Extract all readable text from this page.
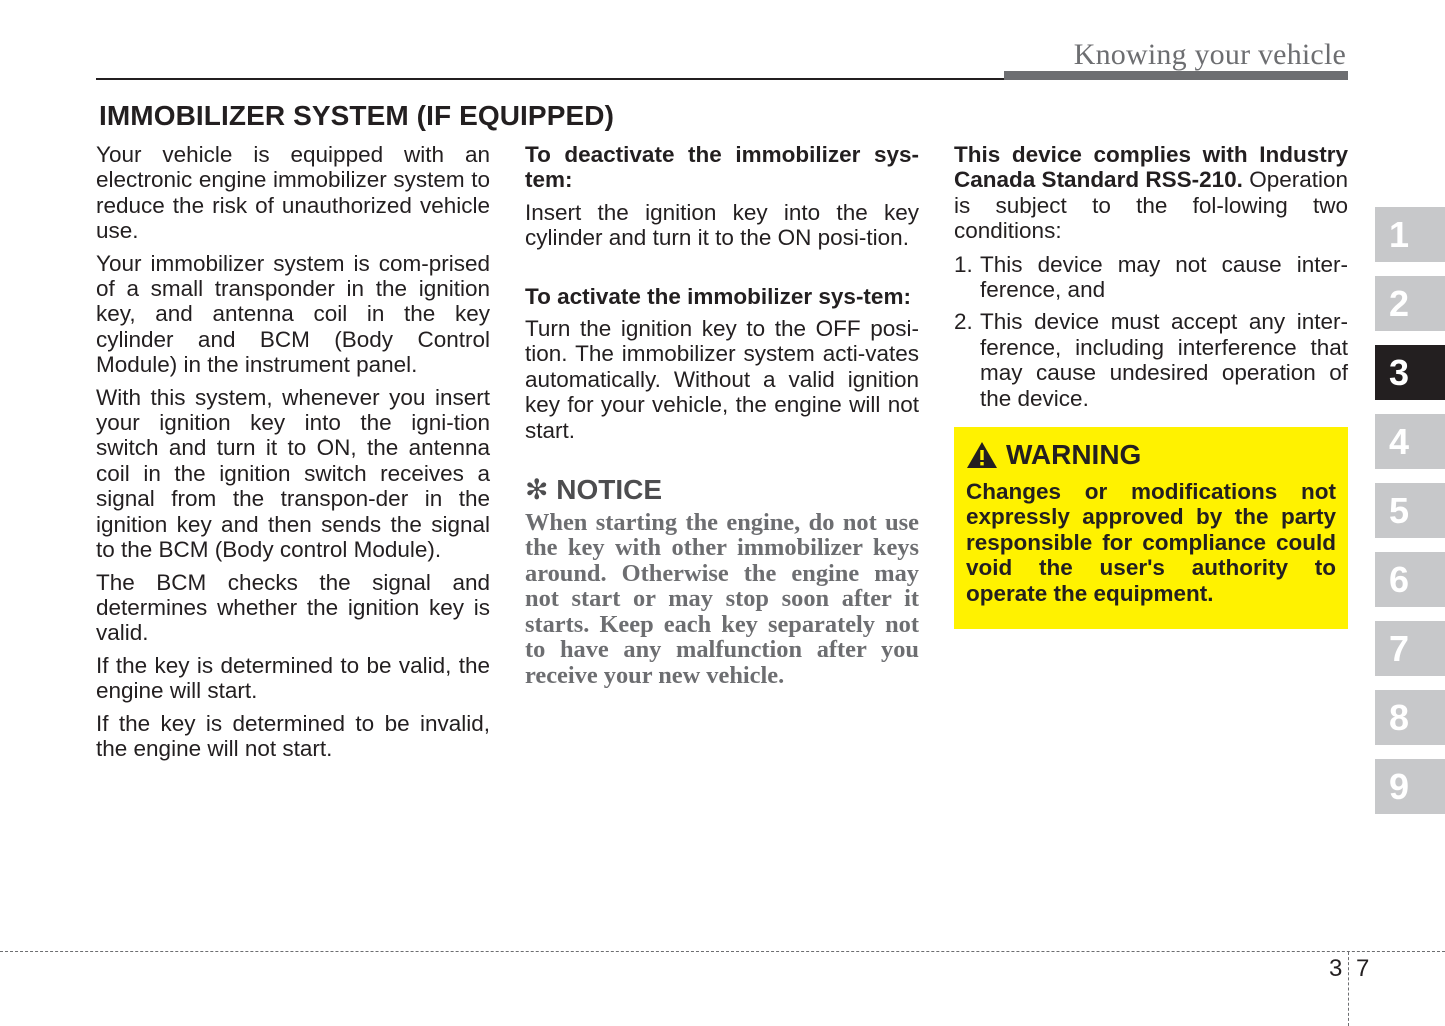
Knowing your vehicle
IMMOBILIZER SYSTEM (IF EQUIPPED)

Your vehicle is equipped with an electronic engine immobilizer system to reduce the risk of unauthorized vehicle use.

Your immobilizer system is com-prised of a small transponder in the ignition key, and antenna coil in the key cylinder and BCM (Body Control Module) in the instrument panel.

With this system, whenever you insert your ignition key into the igni-tion switch and turn it to ON, the antenna coil in the ignition switch receives a signal from the transpon-der in the ignition key and then sends the signal to the BCM (Body control Module).

The BCM checks the signal and determines whether the ignition key is valid.

If the key is determined to be valid, the engine will start.

If the key is determined to be invalid, the engine will not start.

To deactivate the immobilizer sys-tem:

Insert the ignition key into the key cylinder and turn it to the ON posi-tion.

To activate the immobilizer sys-tem:

Turn the ignition key to the OFF posi-tion. The immobilizer system acti-vates automatically. Without a valid ignition key for your vehicle, the engine will not start.

✻ NOTICE

When starting the engine, do not use the key with other immobilizer keys around. Otherwise the engine may not start or may stop soon after it starts. Keep each key separately not to have any malfunction after you receive your new vehicle.

This device complies with Industry Canada Standard RSS-210. Operation is subject to the fol-lowing two conditions:

1. This device may not cause inter-ference, and
2. This device must accept any inter-ference, including interference that may cause undesired operation of the device.
WARNING

Changes or modifications not expressly approved by the party responsible for compliance could void the user's authority to operate the equipment.

1
2
3
4
5
6
7
8
9
3 7
